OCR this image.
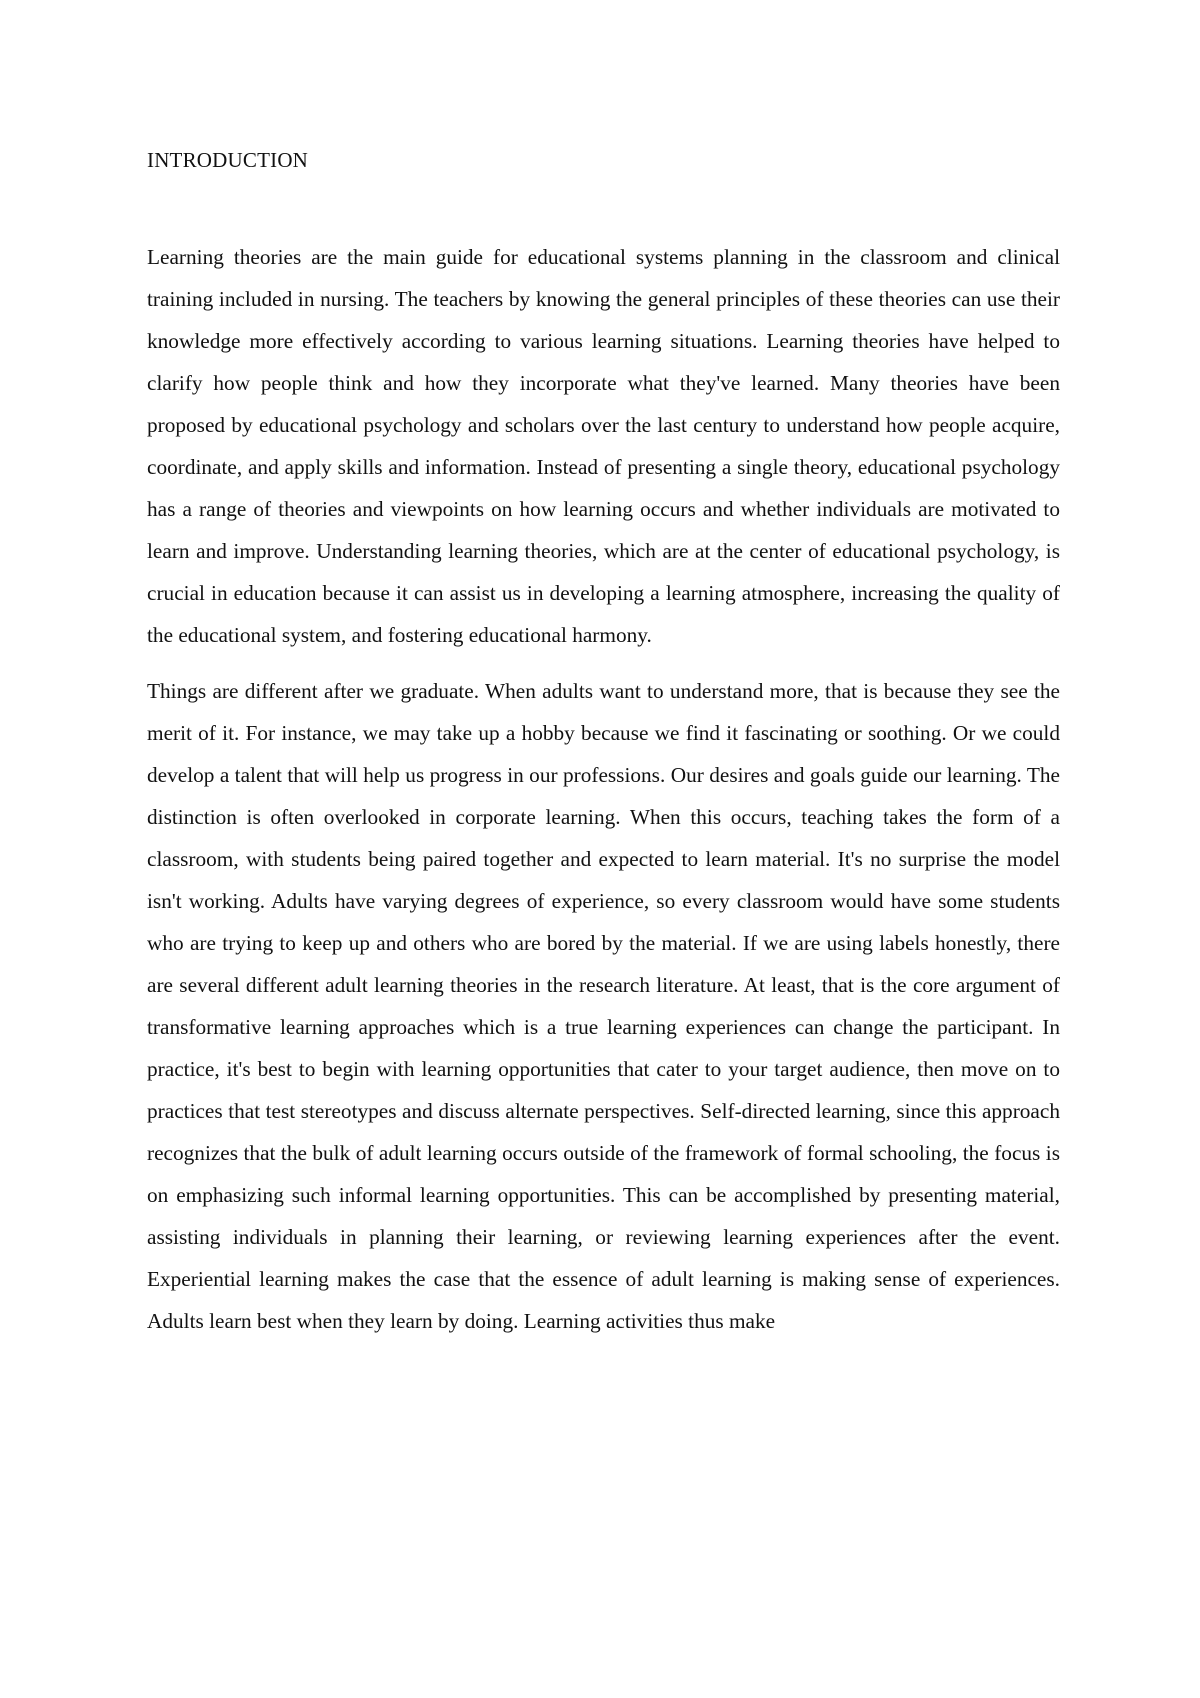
INTRODUCTION

Learning theories are the main guide for educational systems planning in the classroom and clinical training included in nursing. The teachers by knowing the general principles of these theories can use their knowledge more effectively according to various learning situations. Learning theories have helped to clarify how people think and how they incorporate what they've learned. Many theories have been proposed by educational psychology and scholars over the last century to understand how people acquire, coordinate, and apply skills and information. Instead of presenting a single theory, educational psychology has a range of theories and viewpoints on how learning occurs and whether individuals are motivated to learn and improve. Understanding learning theories, which are at the center of educational psychology, is crucial in education because it can assist us in developing a learning atmosphere, increasing the quality of the educational system, and fostering educational harmony.

Things are different after we graduate. When adults want to understand more, that is because they see the merit of it. For instance, we may take up a hobby because we find it fascinating or soothing. Or we could develop a talent that will help us progress in our professions. Our desires and goals guide our learning. The distinction is often overlooked in corporate learning. When this occurs, teaching takes the form of a classroom, with students being paired together and expected to learn material. It's no surprise the model isn't working. Adults have varying degrees of experience, so every classroom would have some students who are trying to keep up and others who are bored by the material. If we are using labels honestly, there are several different adult learning theories in the research literature. At least, that is the core argument of transformative learning approaches which is a true learning experiences can change the participant. In practice, it's best to begin with learning opportunities that cater to your target audience, then move on to practices that test stereotypes and discuss alternate perspectives. Self-directed learning, since this approach recognizes that the bulk of adult learning occurs outside of the framework of formal schooling, the focus is on emphasizing such informal learning opportunities. This can be accomplished by presenting material, assisting individuals in planning their learning, or reviewing learning experiences after the event. Experiential learning makes the case that the essence of adult learning is making sense of experiences. Adults learn best when they learn by doing. Learning activities thus make
